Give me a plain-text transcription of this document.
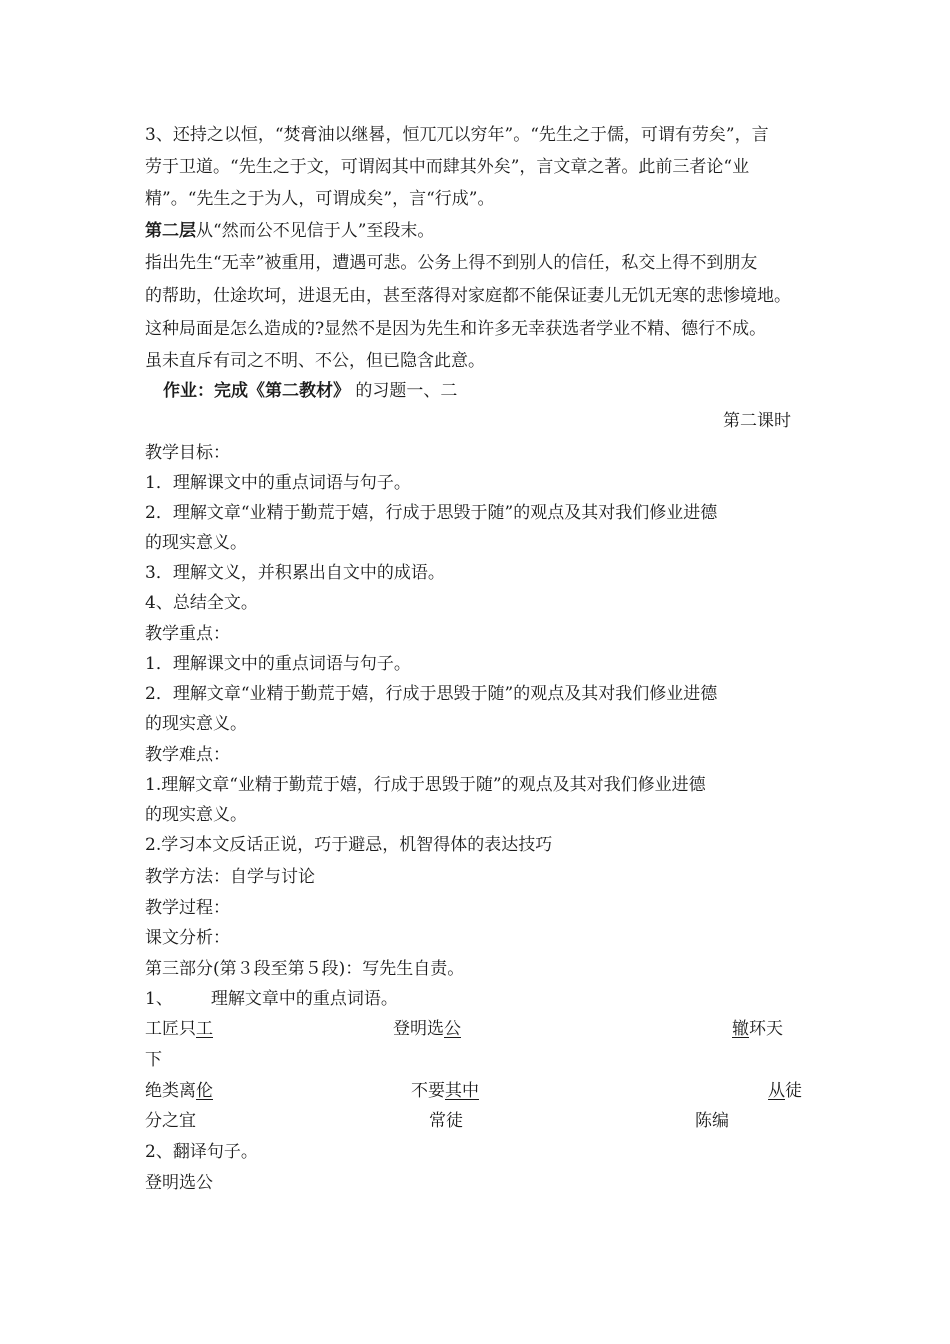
3、还持之以恒，“焚膏油以继晷，恒兀兀以穷年”。“先生之于儒，可谓有劳矣”，言
劳于卫道。“先生之于文，可谓闳其中而肆其外矣”，言文章之著。此前三者论“业
精”。“先生之于为人，可谓成矣”，言“行成”。
第二层从“然而公不见信于人”至段末。
指出先生“无幸”被重用，遭遇可悲。公务上得不到别人的信任，私交上得不到朋友
的帮助，仕途坎坷，进退无由，甚至落得对家庭都不能保证妻儿无饥无寒的悲惨境地。
这种局面是怎么造成的?显然不是因为先生和许多无幸获选者学业不精、德行不成。
虽未直斥有司之不明、不公，但已隐含此意。
作业：完成《第二教材》 的习题一、二
第二课时
教学目标：
1．理解课文中的重点词语与句子。
2．理解文章“业精于勤荒于嬉，行成于思毁于随”的观点及其对我们修业进德
的现实意义。
3．理解文义，并积累出自文中的成语。
4、总结全文。
教学重点：
1．理解课文中的重点词语与句子。
2．理解文章“业精于勤荒于嬉，行成于思毁于随”的观点及其对我们修业进德
的现实意义。
教学难点：
1.理解文章“业精于勤荒于嬉，行成于思毁于随”的观点及其对我们修业进德
的现实意义。
2.学习本文反话正说，巧于避忌，机智得体的表达技巧
教学方法：自学与讨论
教学过程：
课文分析：
第三部分(第３段至第５段)：写先生自责。
1、 理解文章中的重点词语。
工匠只工	登明选公	辙环天
下
绝类离伦	不要其中	从徒
分之宜	常徒	陈编
2、翻译句子。
登明选公
